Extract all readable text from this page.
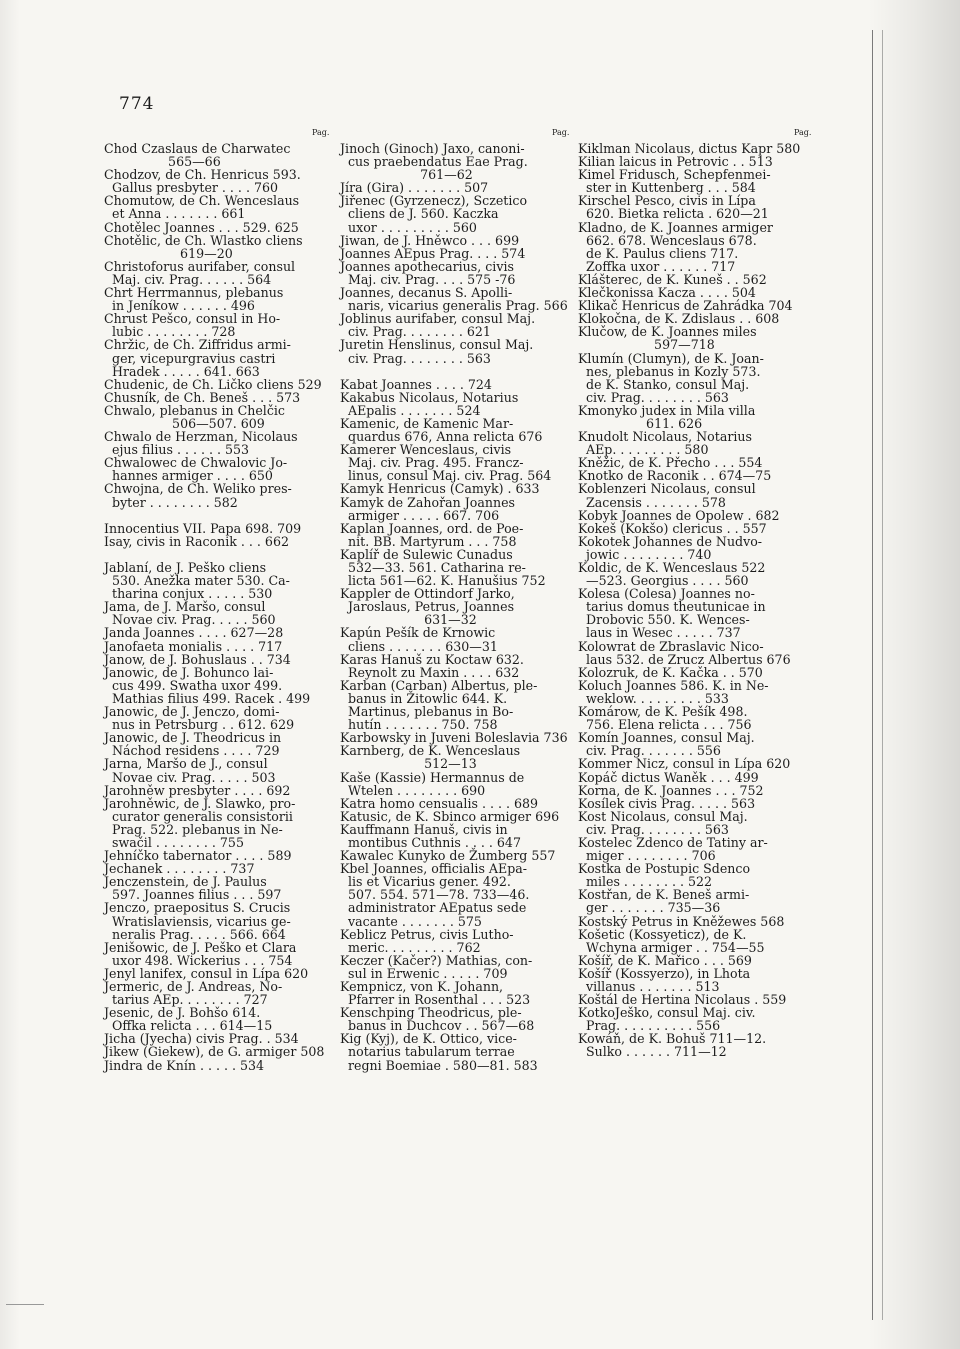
774
Pag.	Pag.	Pag.
Chod Czaslaus de Charwatec
565—66
Chodzov, de Ch. Henricus 593.
Gallus presbyter . . . . 760
Chomutow, de Ch. Wenceslaus
et Anna . . . . . . . 661
Chotělec Joannes . . . 529. 625
Chotělic, de Ch. Wlastko cliens
619—20
Christoforus aurifaber, consul
Maj. civ. Prag. . . . . . 564
Chrt Herrmannus, plebanus
in Jeníkow . . . . . . 496
Chrust Pešco, consul in Ho-
lubic . . . . . . . . 728
Chržic, de Ch. Ziffridus armi-
ger, vicepurgravius castri
Hradek . . . . . 641. 663
Chudenic, de Ch. Ličko cliens 529
Chusník, de Ch. Beneš . . . 573
Chwalo, plebanus in Chelčic
506—507. 609
Chwalo de Herzman, Nicolaus
ejus filius . . . . . . 553
Chwalowec de Chwalovic Jo-
hannes armiger . . . . 650
Chwojna, de Ch. Weliko pres-
byter . . . . . . . . 582
Innocentius VII. Papa 698. 709
Isay, civis in Raconik . . . 662
Jablaní, de J. Peško cliens
530. Anežka mater 530. Ca-
tharina conjux . . . . . 530
Jama, de J. Maršo, consul
Novae civ. Prag. . . . . 560
Janda Joannes . . . . 627—28
Janofaeta monialis . . . . 717
Janow, de J. Bohuslaus . . 734
Janowic, de J. Bohunco lai-
cus 499. Swatha uxor 499.
Mathias filius 499. Racek . 499
Janowic, de J. Jenczo, domi-
nus in Petrsburg . . 612. 629
Janowic, de J. Theodricus in
Náchod residens . . . . 729
Jarna, Maršo de J., consul
Novae civ. Prag. . . . . 503
Jarohněw presbyter . . . . 692
Jarohněwic, de J. Slawko, pro-
curator generalis consistorii
Prag. 522. plebanus in Ne-
swačil . . . . . . . . 755
Jehníčko tabernator . . . . 589
Jechanek . . . . . . . . 737
Jenczenstein, de J. Paulus
597. Joannes filius . . . 597
Jenczo, praepositus S. Crucis
Wratislaviensis, vicarius ge-
neralis Prag. . . . . 566. 664
Jenišowic, de J. Peško et Clara
uxor 498. Wickerius . . . 754
Jenyl lanifex, consul in Lípa 620
Jermeric, de J. Andreas, No-
tarius AEp. . . . . . . . 727
Jesenic, de J. Bohšo 614.
Offka relicta . . . 614—15
Jicha (Jyecha) civis Prag. . 534
Jikew (Giekew), de G. armiger 508
Jindra de Knín . . . . . 534
Jinoch (Ginoch) Jaxo, canoni-
cus praebendatus Eae Prag.
761—62
Jíra (Gira) . . . . . . . 507
Jiřenec (Gyrzenecz), Sczetico
cliens de J. 560. Kaczka
uxor . . . . . . . . . 560
Jiwan, de J. Hněwco . . . 699
Joannes AEpus Prag. . . . 574
Joannes apothecarius, civis
Maj. civ. Prag. . . . 575 -76
Joannes, decanus S. Apolli-
naris, vicarius generalis Prag. 566
Joblinus aurifaber, consul Maj.
civ. Prag. . . . . . . . 621
Juretin Henslinus, consul Maj.
civ. Prag. . . . . . . . 563
Kabat Joannes . . . . 724
Kakabus Nicolaus, Notarius
AEpalis . . . . . . . 524
Kamenic, de Kamenic Mar-
quardus 676, Anna relicta 676
Kamerer Wenceslaus, civis
Maj. civ. Prag. 495. Francz-
linus, consul Maj. civ. Prag. 564
Kamyk Henricus (Camyk) . 633
Kamyk de Zahořan Joannes
armiger . . . . . 667. 706
Kaplan Joannes, ord. de Poe-
nit. BB. Martyrum . . . 758
Kaplíř de Sulewic Cunadus
532—33. 561. Catharina re-
licta 561—62. K. Hanušius 752
Kappler de Ottindorf Jarko,
Jaroslaus, Petrus, Joannes
631—32
Kapún Pešík de Krnowic
cliens . . . . . . . 630—31
Karas Hanuš zu Koctaw 632.
Reynolt zu Maxin . . . . 632
Karban (Carban) Albertus, ple-
banus in Žitowlic 644. K.
Martinus, plebanus in Bo-
hutín . . . . . . . 750. 758
Karbowsky in Juveni Boleslavia 736
Karnberg, de K. Wenceslaus
512—13
Kaše (Kassie) Hermannus de
Wtelen . . . . . . . . 690
Katra homo censualis . . . . 689
Katusic, de K. Sbinco armiger 696
Kauffmann Hanuš, civis in
montibus Cuthnis . . . . 647
Kawalec Kunyko de Žumberg 557
Kbel Joannes, officialis AEpa-
lis et Vicarius gener. 492.
507. 554. 571—78. 733—46.
administrator AEpatus sede
vacante . . . . . . . 575
Keblicz Petrus, civis Lutho-
meric. . . . . . . . . 762
Keczer (Kačer?) Mathias, con-
sul in Erwenic . . . . . 709
Kempnicz, von K. Johann,
Pfarrer in Rosenthal . . . 523
Kenschping Theodricus, ple-
banus in Duchcov . . 567—68
Kig (Kyj), de K. Ottico, vice-
notarius tabularum terrae
regni Boemiae . 580—81. 583
Kiklman Nicolaus, dictus Kapr 580
Kilian laicus in Petrovic . . 513
Kimel Fridusch, Schepfenmei-
ster in Kuttenberg . . . 584
Kirschel Pesco, civis in Lípa
620. Bietka relicta . 620—21
Kladno, de K. Joannes armiger
662. 678. Wenceslaus 678.
de K. Paulus cliens 717.
Zoffka uxor . . . . . . 717
Klášterec, de K. Kuneš . . 562
Klečkonissa Kacza . . . . 504
Klikač Henricus de Zahrádka 704
Klokočna, de K. Zdislaus . . 608
Klučow, de K. Joannes miles
597—718
Klumín (Clumyn), de K. Joan-
nes, plebanus in Kozly 573.
de K. Stanko, consul Maj.
civ. Prag. . . . . . . . 563
Kmonyko judex in Mila villa
611. 626
Knudolt Nicolaus, Notarius
AEp. . . . . . . . . 580
Kněžic, de K. Přecho . . . 554
Knotko de Raconik . . 674—75
Koblenzeri Nicolaus, consul
Zacensis . . . . . . . 578
Kobyk Joannes de Opolew . 682
Kokeš (Kokšo) clericus . . 557
Kokotek Johannes de Nudvo-
jowic . . . . . . . . 740
Koldic, de K. Wenceslaus 522
—523. Georgius . . . . 560
Kolesa (Colesa) Joannes no-
tarius domus theutunicae in
Drobovic 550. K. Wences-
laus in Wesec . . . . . 737
Kolowrat de Zbraslavic Nico-
laus 532. de Zrucz Albertus 676
Kolozruk, de K. Kačka . . 570
Koluch Joannes 586. K. in Ne-
weklow. . . . . . . . . 533
Komárow, de K. Pešík 498.
756. Elena relicta . . . 756
Komín Joannes, consul Maj.
civ. Prag. . . . . . . 556
Kommer Nicz, consul in Lípa 620
Kopáč dictus Waněk . . . 499
Korna, de K. Joannes . . . 752
Kosílek civis Prag. . . . . 563
Kost Nicolaus, consul Maj.
civ. Prag. . . . . . . . 563
Kostelec Zdenco de Tatiny ar-
miger . . . . . . . . 706
Kostka de Postupic Sdenco
miles . . . . . . . . 522
Kostřan, de K. Beneš armi-
ger . . . . . . . 735—36
Kostský Petrus in Kněžewes 568
Košetic (Kossyeticz), de K.
Wchyna armiger . . 754—55
Košíř, de K. Mařico . . . 569
Košíř (Kossyerzo), in Lhota
villanus . . . . . . . 513
Koštál de Hertina Nicolaus . 559
KotkoJeško, consul Maj. civ.
Prag. . . . . . . . . . 556
Kowáň, de K. Bohuš 711—12.
Sulko . . . . . . 711—12
